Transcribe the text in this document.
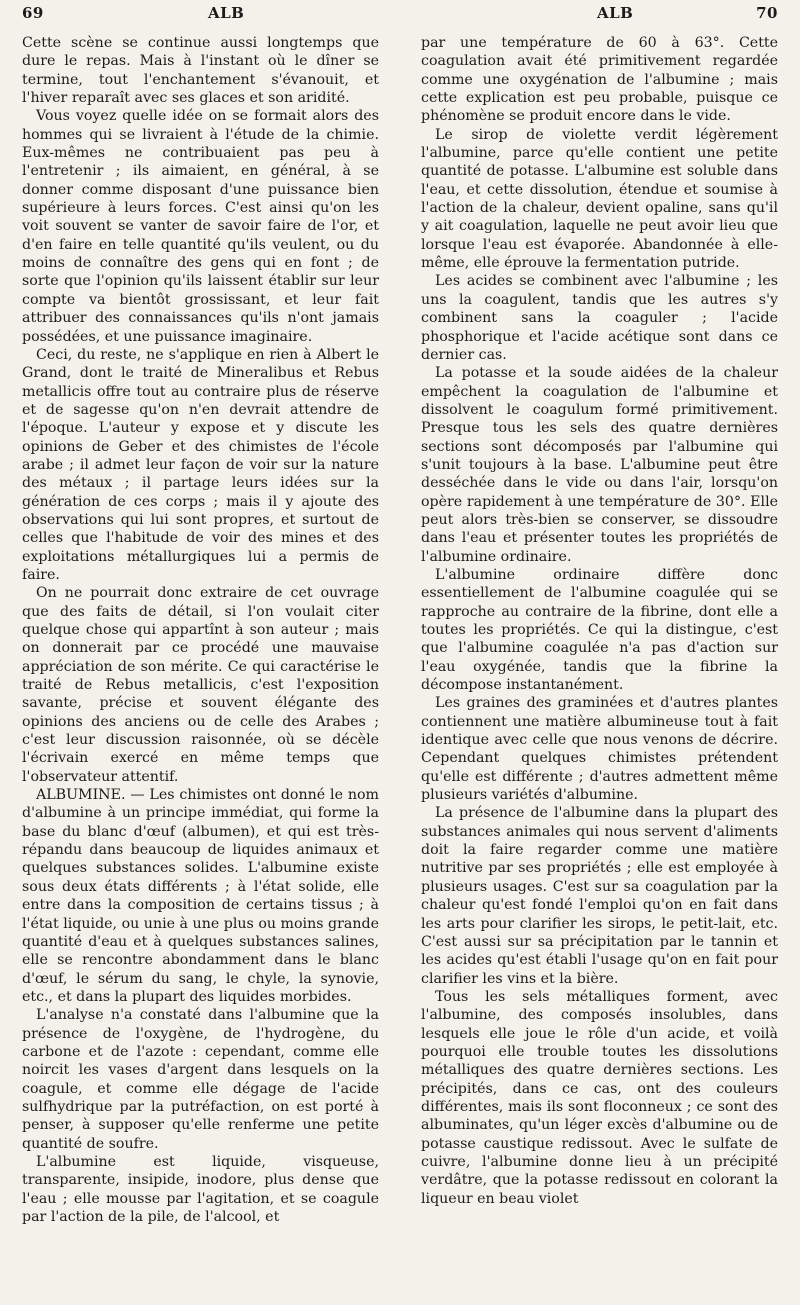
69	ALB	ALB	70

Cette scène se continue aussi longtemps que dure le repas. Mais à l'instant où le dîner se termine, tout l'enchantement s'évanouit, et l'hiver reparaît avec ses glaces et son aridité.

Vous voyez quelle idée on se formait alors des hommes qui se livraient à l'étude de la chimie. Eux-mêmes ne contribuaient pas peu à l'entretenir ; ils aimaient, en général, à se donner comme disposant d'une puissance bien supérieure à leurs forces. C'est ainsi qu'on les voit souvent se vanter de savoir faire de l'or, et d'en faire en telle quantité qu'ils veulent, ou du moins de connaître des gens qui en font ; de sorte que l'opinion qu'ils laissent établir sur leur compte va bientôt grossissant, et leur fait attribuer des connaissances qu'ils n'ont jamais possédées, et une puissance imaginaire.

Ceci, du reste, ne s'applique en rien à Albert le Grand, dont le traité de Mineralibus et Rebus metallicis offre tout au contraire plus de réserve et de sagesse qu'on n'en devrait attendre de l'époque. L'auteur y expose et y discute les opinions de Geber et des chimistes de l'école arabe ; il admet leur façon de voir sur la nature des métaux ; il partage leurs idées sur la génération de ces corps ; mais il y ajoute des observations qui lui sont propres, et surtout de celles que l'habitude de voir des mines et des exploitations métallurgiques lui a permis de faire.

On ne pourrait donc extraire de cet ouvrage que des faits de détail, si l'on voulait citer quelque chose qui appartînt à son auteur ; mais on donnerait par ce procédé une mauvaise appréciation de son mérite. Ce qui caractérise le traité de Rebus metallicis, c'est l'exposition savante, précise et souvent élégante des opinions des anciens ou de celle des Arabes ; c'est leur discussion raisonnée, où se décèle l'écrivain exercé en même temps que l'observateur attentif.

ALBUMINE. — Les chimistes ont donné le nom d'albumine à un principe immédiat, qui forme la base du blanc d'œuf (albumen), et qui est très-répandu dans beaucoup de liquides animaux et quelques substances solides. L'albumine existe sous deux états différents ; à l'état solide, elle entre dans la composition de certains tissus ; à l'état liquide, ou unie à une plus ou moins grande quantité d'eau et à quelques substances salines, elle se rencontre abondamment dans le blanc d'œuf, le sérum du sang, le chyle, la synovie, etc., et dans la plupart des liquides morbides.

L'analyse n'a constaté dans l'albumine que la présence de l'oxygène, de l'hydrogène, du carbone et de l'azote : cependant, comme elle noircit les vases d'argent dans lesquels on la coagule, et comme elle dégage de l'acide sulfhydrique par la putréfaction, on est porté à penser, à supposer qu'elle renferme une petite quantité de soufre.

L'albumine est liquide, visqueuse, transparente, insipide, inodore, plus dense que l'eau ; elle mousse par l'agitation, et se coagule par l'action de la pile, de l'alcool, et

par une température de 60 à 63°. Cette coagulation avait été primitivement regardée comme une oxygénation de l'albumine ; mais cette explication est peu probable, puisque ce phénomène se produit encore dans le vide.

Le sirop de violette verdit légèrement l'albumine, parce qu'elle contient une petite quantité de potasse. L'albumine est soluble dans l'eau, et cette dissolution, étendue et soumise à l'action de la chaleur, devient opaline, sans qu'il y ait coagulation, laquelle ne peut avoir lieu que lorsque l'eau est évaporée. Abandonnée à elle-même, elle éprouve la fermentation putride.

Les acides se combinent avec l'albumine ; les uns la coagulent, tandis que les autres s'y combinent sans la coaguler ; l'acide phosphorique et l'acide acétique sont dans ce dernier cas.

La potasse et la soude aidées de la chaleur empêchent la coagulation de l'albumine et dissolvent le coagulum formé primitivement. Presque tous les sels des quatre dernières sections sont décomposés par l'albumine qui s'unit toujours à la base. L'albumine peut être desséchée dans le vide ou dans l'air, lorsqu'on opère rapidement à une température de 30°. Elle peut alors très-bien se conserver, se dissoudre dans l'eau et présenter toutes les propriétés de l'albumine ordinaire.

L'albumine ordinaire diffère donc essentiellement de l'albumine coagulée qui se rapproche au contraire de la fibrine, dont elle a toutes les propriétés. Ce qui la distingue, c'est que l'albumine coagulée n'a pas d'action sur l'eau oxygénée, tandis que la fibrine la décompose instantanément.

Les graines des graminées et d'autres plantes contiennent une matière albumineuse tout à fait identique avec celle que nous venons de décrire. Cependant quelques chimistes prétendent qu'elle est différente ; d'autres admettent même plusieurs variétés d'albumine.

La présence de l'albumine dans la plupart des substances animales qui nous servent d'aliments doit la faire regarder comme une matière nutritive par ses propriétés ; elle est employée à plusieurs usages. C'est sur sa coagulation par la chaleur qu'est fondé l'emploi qu'on en fait dans les arts pour clarifier les sirops, le petit-lait, etc. C'est aussi sur sa précipitation par le tannin et les acides qu'est établi l'usage qu'on en fait pour clarifier les vins et la bière.

Tous les sels métalliques forment, avec l'albumine, des composés insolubles, dans lesquels elle joue le rôle d'un acide, et voilà pourquoi elle trouble toutes les dissolutions métalliques des quatre dernières sections. Les précipités, dans ce cas, ont des couleurs différentes, mais ils sont floconneux ; ce sont des albuminates, qu'un léger excès d'albumine ou de potasse caustique redissout. Avec le sulfate de cuivre, l'albumine donne lieu à un précipité verdâtre, que la potasse redissout en colorant la liqueur en beau violet
